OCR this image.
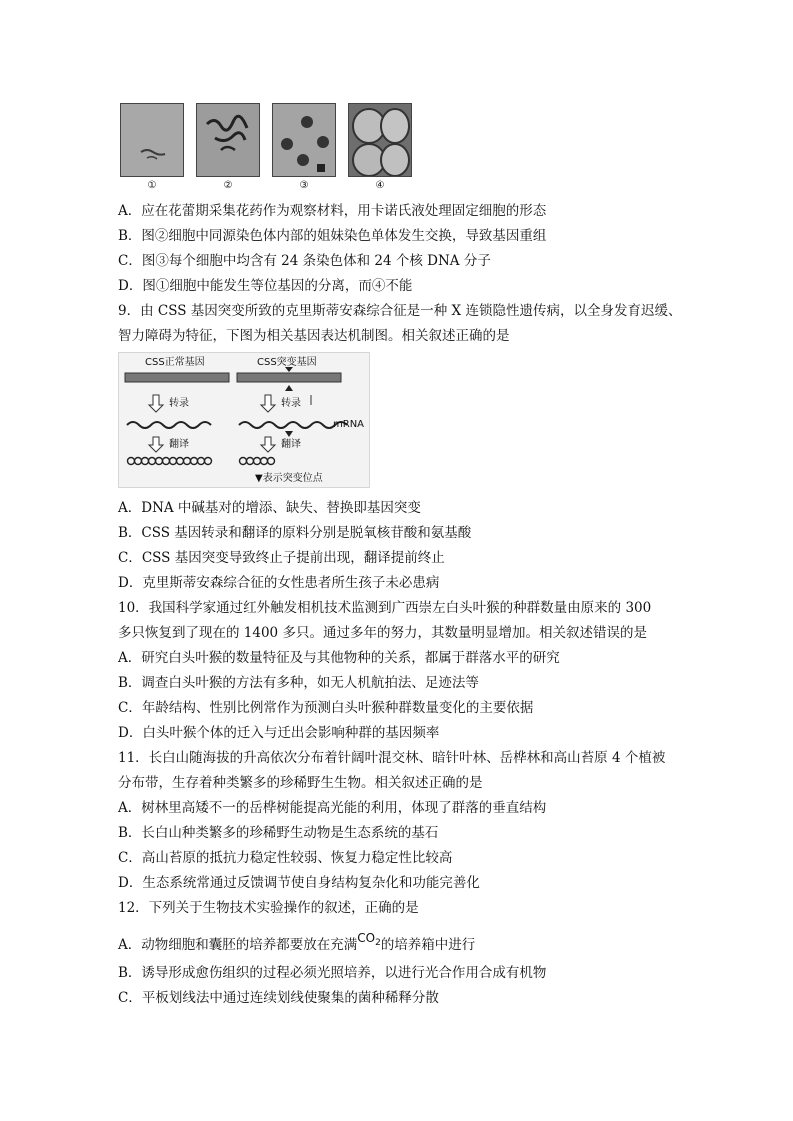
①	②	③	④
A．应在花蕾期采集花药作为观察材料，用卡诺氏液处理固定细胞的形态
B．图②细胞中同源染色体内部的姐妹染色单体发生交换，导致基因重组
C．图③每个细胞中均含有 24 条染色体和 24 个核 DNA 分子
D．图①细胞中能发生等位基因的分离，而④不能
9．由 CSS 基因突变所致的克里斯蒂安森综合征是一种 X 连锁隐性遗传病，以全身发育迟缓、
智力障碍为特征，下图为相关基因表达机制图。相关叙述正确的是
CSS正常基因	CSS突变基因
转录	转录
mRNA
翻译	翻译
▼表示突变位点
A．DNA 中碱基对的增添、缺失、替换即基因突变
B．CSS 基因转录和翻译的原料分别是脱氧核苷酸和氨基酸
C．CSS 基因突变导致终止子提前出现，翻译提前终止
D．克里斯蒂安森综合征的女性患者所生孩子未必患病
10．我国科学家通过红外触发相机技术监测到广西崇左白头叶猴的种群数量由原来的 300
多只恢复到了现在的 1400 多只。通过多年的努力，其数量明显增加。相关叙述错误的是
A．研究白头叶猴的数量特征及与其他物种的关系，都属于群落水平的研究
B．调查白头叶猴的方法有多种，如无人机航拍法、足迹法等
C．年龄结构、性别比例常作为预测白头叶猴种群数量变化的主要依据
D．白头叶猴个体的迁入与迁出会影响种群的基因频率
11．长白山随海拔的升高依次分布着针阔叶混交林、暗针叶林、岳桦林和高山苔原 4 个植被
分布带，生存着种类繁多的珍稀野生生物。相关叙述正确的是
A．树林里高矮不一的岳桦树能提高光能的利用，体现了群落的垂直结构
B．长白山种类繁多的珍稀野生动物是生态系统的基石
C．高山苔原的抵抗力稳定性较弱、恢复力稳定性比较高
D．生态系统常通过反馈调节使自身结构复杂化和功能完善化
12．下列关于生物技术实验操作的叙述，正确的是
A．动物细胞和囊胚的培养都要放在充满$CO_2$的培养箱中进行
B．诱导形成愈伤组织的过程必须光照培养，以进行光合作用合成有机物
C．平板划线法中通过连续划线使聚集的菌种稀释分散
